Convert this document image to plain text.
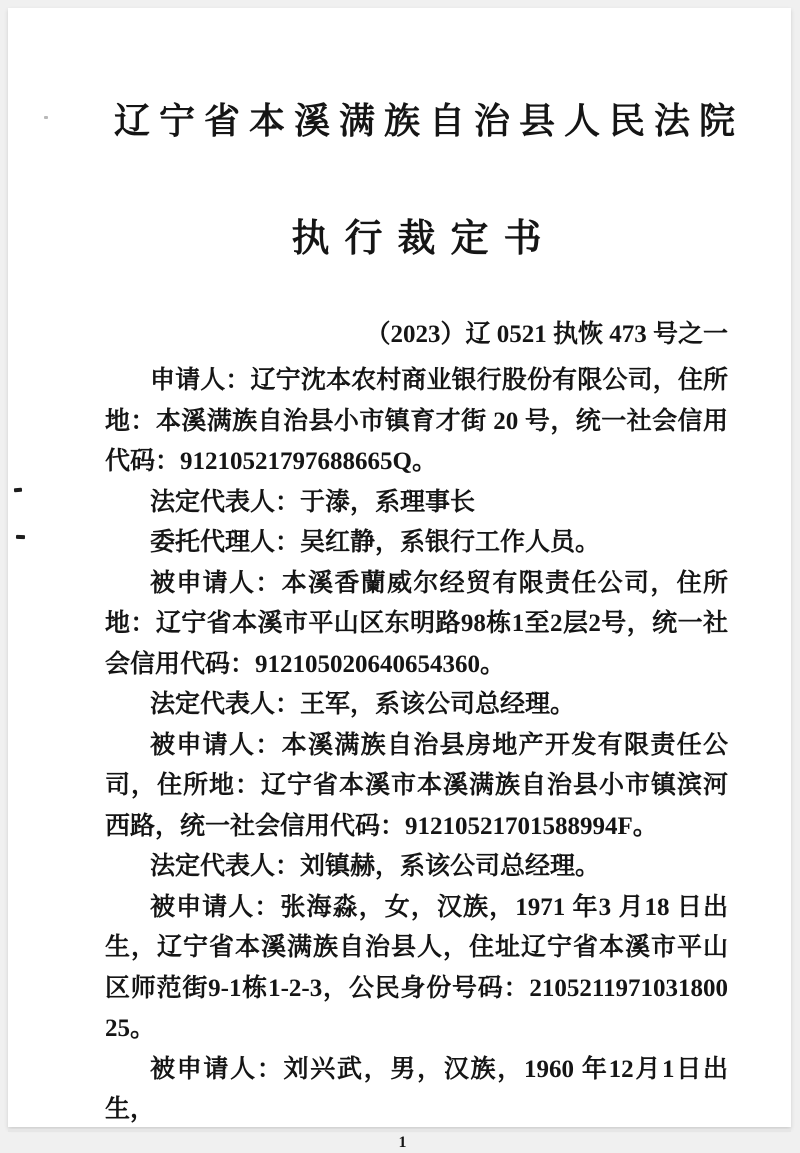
辽宁省本溪满族自治县人民法院
执行裁定书
（2023）辽 0521 执恢 473 号之一

申请人：辽宁沈本农村商业银行股份有限公司，住所地：本溪满族自治县小市镇育才街 20 号，统一社会信用代码：91210521797688665Q。

法定代表人：于溙，系理事长

委托代理人：吴红静，系银行工作人员。

被申请人：本溪香蘭威尔经贸有限责任公司，住所地：辽宁省本溪市平山区东明路98栋1至2层2号，统一社会信用代码：912105020640654360。

法定代表人：王军，系该公司总经理。

被申请人：本溪满族自治县房地产开发有限责任公司，住所地：辽宁省本溪市本溪满族自治县小市镇滨河西路，统一社会信用代码：91210521701588994F。

法定代表人：刘镇赫，系该公司总经理。

被申请人：张海淼，女，汉族，1971 年3 月18 日出生，辽宁省本溪满族自治县人，住址辽宁省本溪市平山区师范街9-1栋1-2-3，公民身份号码：210521197103180025。

被申请人：刘兴武，男，汉族，1960 年12月1日出生，

1
